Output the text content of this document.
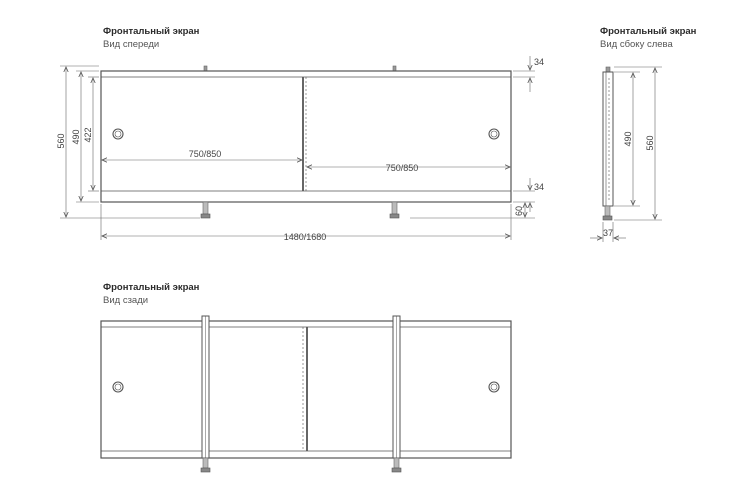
Фронтальный экран
Вид спереди
Фронтальный экран
Вид сбоку слева
Фронтальный экран
Вид сзади
560 490 422
34
34
60
750/850
750/850
1480/1680
490 560
37
